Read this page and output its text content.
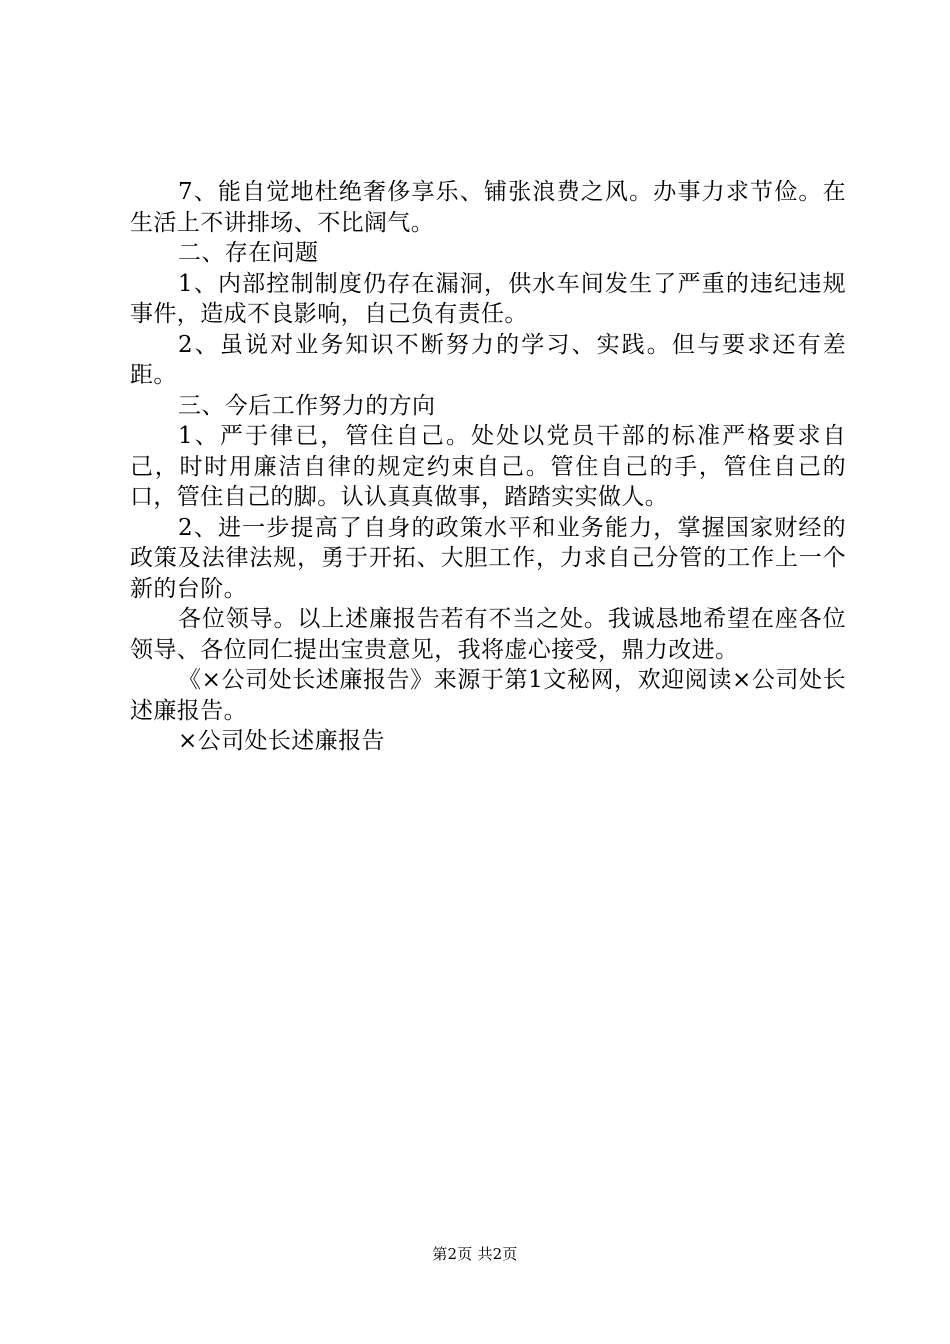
7、能自觉地杜绝奢侈享乐、铺张浪费之风。办事力求节俭。在生活上不讲排场、不比阔气。

二、存在问题

1、内部控制制度仍存在漏洞，供水车间发生了严重的违纪违规事件，造成不良影响，自己负有责任。

2、虽说对业务知识不断努力的学习、实践。但与要求还有差距。

三、今后工作努力的方向

1、严于律已，管住自己。处处以党员干部的标准严格要求自己，时时用廉洁自律的规定约束自己。管住自己的手，管住自己的口，管住自己的脚。认认真真做事，踏踏实实做人。

2、进一步提高了自身的政策水平和业务能力，掌握国家财经的政策及法律法规，勇于开拓、大胆工作，力求自己分管的工作上一个新的台阶。

各位领导。以上述廉报告若有不当之处。我诚恳地希望在座各位领导、各位同仁提出宝贵意见，我将虚心接受，鼎力改进。

《×公司处长述廉报告》来源于第1文秘网，欢迎阅读×公司处长述廉报告。

×公司处长述廉报告

第2页 共2页
